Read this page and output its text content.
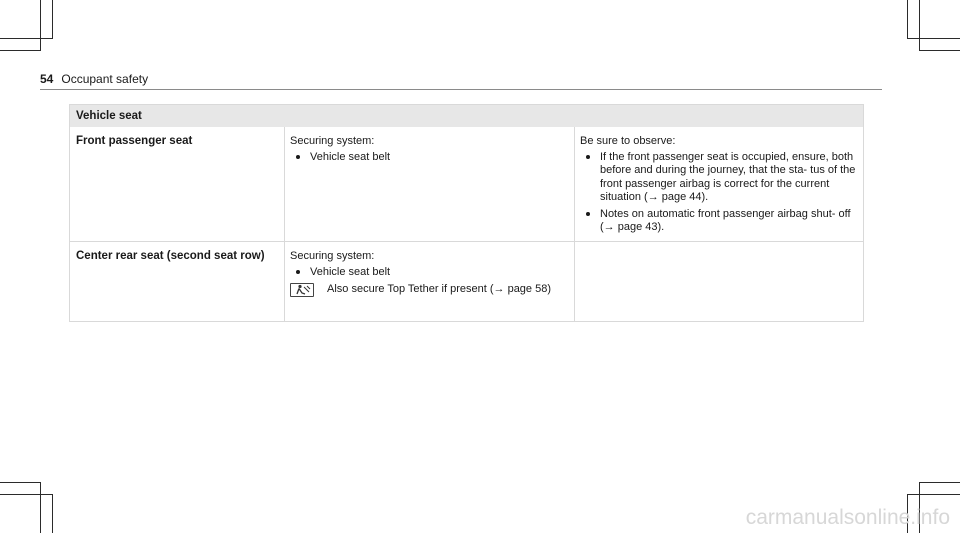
54 Occupant safety
Vehicle seat
Front passenger seat	Securing system:
Vehicle seat belt
Be sure to observe:
If the front passenger seat is occupied, ensure, both before and during the journey, that the sta- tus of the front passenger airbag is correct for the current situation (→ page 44).
Notes on automatic front passenger airbag shut- off (→ page 43).
Center rear seat (second seat row)	Securing system:
Vehicle seat belt
Also secure Top Tether if present (→ page 58)
carmanualsonline.info
